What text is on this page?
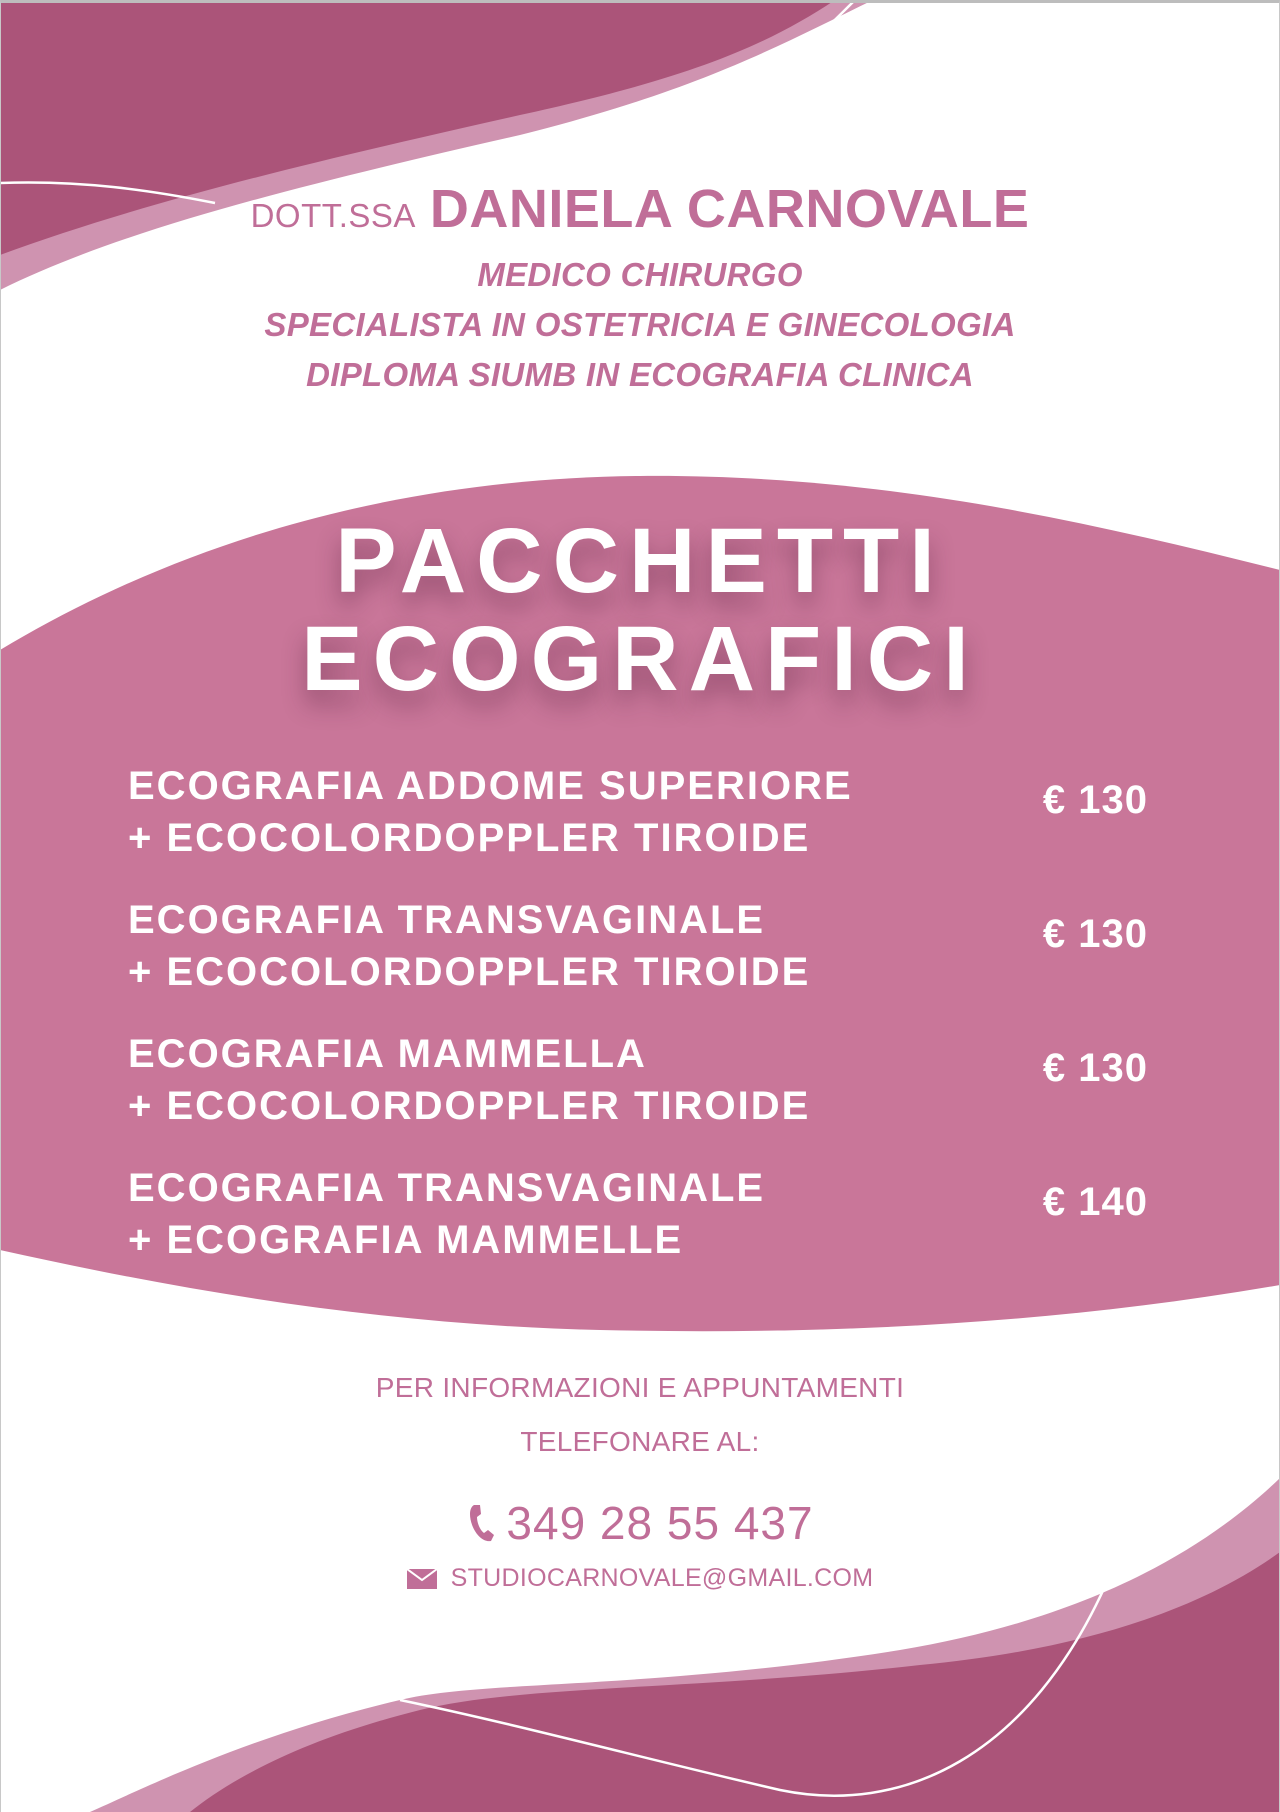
DOTT.SSA DANIELA CARNOVALE
MEDICO CHIRURGO
SPECIALISTA IN OSTETRICIA E GINECOLOGIA
DIPLOMA SIUMB IN ECOGRAFIA CLINICA
PACCHETTI
ECOGRAFICI
ECOGRAFIA ADDOME SUPERIORE
+ ECOCOLORDOPPLER TIROIDE
€ 130
ECOGRAFIA TRANSVAGINALE
+ ECOCOLORDOPPLER TIROIDE
€ 130
ECOGRAFIA MAMMELLA
+ ECOCOLORDOPPLER TIROIDE
€ 130
ECOGRAFIA TRANSVAGINALE
+ ECOGRAFIA MAMMELLE
€ 140
PER INFORMAZIONI E APPUNTAMENTI
TELEFONARE AL:
349 28 55 437
STUDIOCARNOVALE@GMAIL.COM
